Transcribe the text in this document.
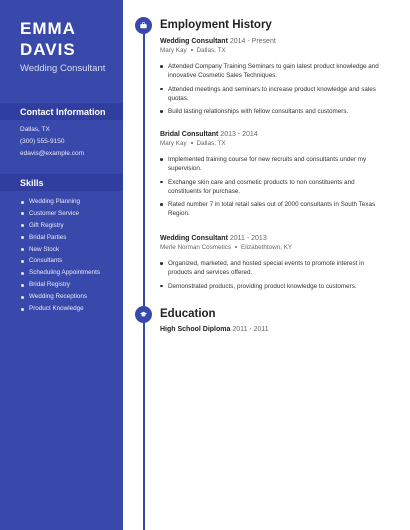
EMMA
DAVIS
Wedding Consultant
Contact Information
Dallas, TX
(300) 555-9150
edavis@example.com
Skills
Wedding Planning
Customer Service
Gift Registry
Bridal Parties
New Stock
Consultants
Scheduling Appointments
Bridal Registry
Wedding Receptions
Product Knowledge
Employment History
Wedding Consultant 2014 - Present
Mary Kay Dallas, TX
Attended Company Training Seminars to gain latest product knowledge and innovative Cosmetic Sales Techniques.
Attended meetings and seminars to increase product knowledge and sales quotas.
Build lasting relationships with fellow consultants and customers.
Bridal Consultant 2013 - 2014
Mary Kay Dallas, TX
Implemented training course for new recruits and consultants under my supervision.
Exchange skin care and cosmetic products to non constituents and constituents for purchase.
Rated number 7 in total retail sales out of 2000 consultants in South Texas Region.
Wedding Consultant 2011 - 2013
Merle Norman Cosmetics Elizabethtown, KY
Organized, marketed, and hosted special events to promote interest in products and services offered.
Demonstrated products, providing product knowledge to customers.
Education
High School Diploma 2011 - 2011
